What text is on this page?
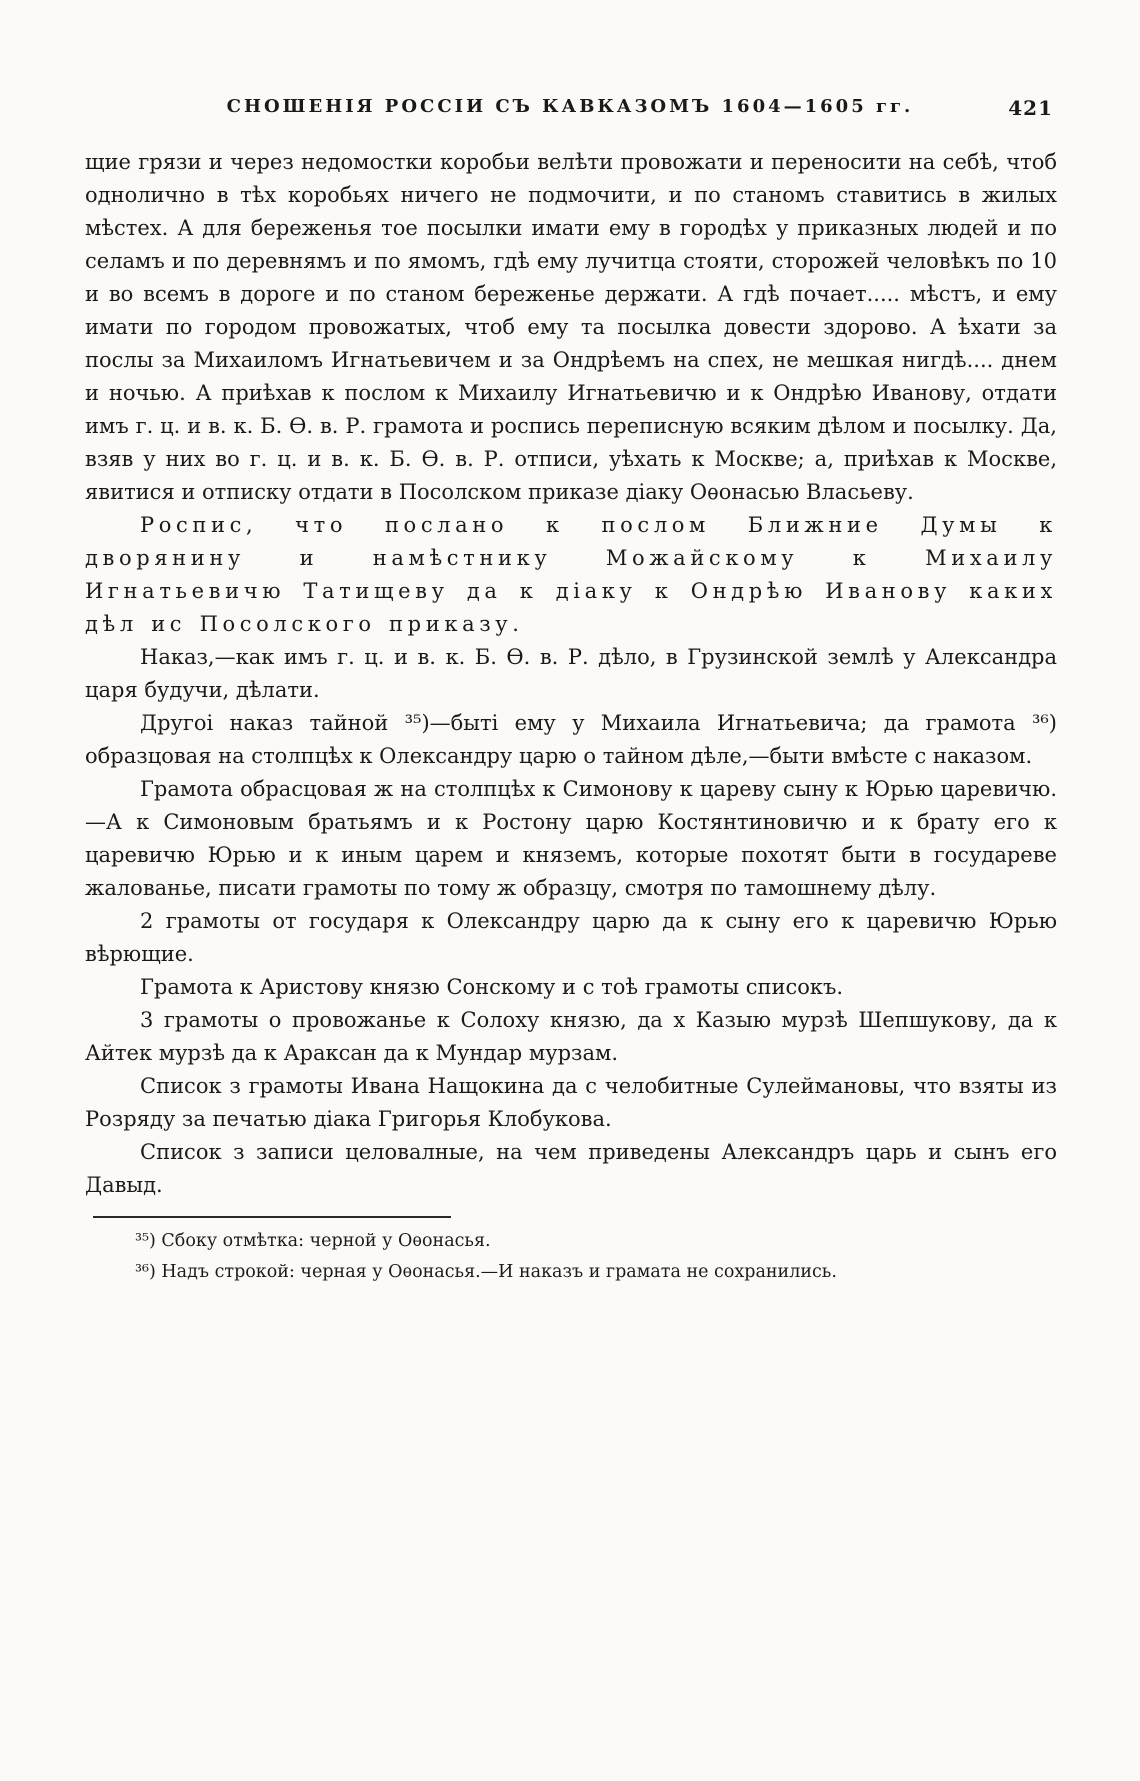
СНОШЕНІЯ РОССІИ СЪ КАВКАЗОМЪ 1604—1605 гг.	421

щие грязи и через недомостки коробьи велѣти провожати и переносити на себѣ, чтоб однолично в тѣх коробьях ничего не подмочити, и по станомъ ставитись в жилых мѣстех. А для береженья тое посылки имати ему в городѣх у приказных людей и по селамъ и по деревнямъ и по ямомъ, гдѣ ему лучитца стояти, сторожей человѣкъ по 10 и во всемъ в дороге и по станом береженье держати. А гдѣ почает..... мѣстъ, и ему имати по городом провожатых, чтоб ему та посылка довести здорово. А ѣхати за послы за Михаиломъ Игнатьевичем и за Ондрѣемъ на спех, не мешкая нигдѣ.... днем и ночью. А приѣхав к послом к Михаилу Игнатьевичю и к Ондрѣю Иванову, отдати имъ г. ц. и в. к. Б. Ѳ. в. Р. грамота и роспись переписную всяким дѣлом и посылку. Да, взяв у них во г. ц. и в. к. Б. Ѳ. в. Р. отписи, уѣхать к Москве; а, приѣхав к Москве, явитися и отписку отдати в Посолском приказе діаку Оѳонасью Власьеву.

Роспис, что послано к послом Ближние Думы к дворянину и намѣстнику Можайскому к Михаилу Игнатьевичю Татищеву да к діаку к Ондрѣю Иванову каких дѣл ис Посолского приказу.

Наказ,—как имъ г. ц. и в. к. Б. Ѳ. в. Р. дѣло, в Грузинской землѣ у Александра царя будучи, дѣлати.

Другоі наказ тайной ³⁵)—быті ему у Михаила Игнатьевича; да грамота ³⁶) образцовая на столпцѣх к Олександру царю о тайном дѣле,—быти вмѣсте с наказом.

Грамота обрасцовая ж на столпцѣх к Симонову к цареву сыну к Юрью царевичю.—А к Симоновым братьямъ и к Ростону царю Костянтиновичю и к брату его к царевичю Юрью и к иным царем и княземъ, которые похотят быти в государеве жалованье, писати грамоты по тому ж образцу, смотря по тамошнему дѣлу.

2 грамоты от государя к Олександру царю да к сыну его к царевичю Юрью вѣрющие.

Грамота к Аристову князю Сонскому и с тоѣ грамоты списокъ.

3 грамоты о провожанье к Солоху князю, да х Казыю мурзѣ Шепшукову, да к Айтек мурзѣ да к Араксан да к Мундар мурзам.

Список з грамоты Ивана Нащокина да с челобитные Сулеймановы, что взяты из Розряду за печатью діака Григорья Клобукова.

Список з записи целовалные, на чем приведены Александръ царь и сынъ его Давыд.

³⁵) Сбоку отмѣтка: черной у Оѳонасья.

³⁶) Надъ строкой: черная у Оѳонасья.—И наказъ и грамата не сохранились.
